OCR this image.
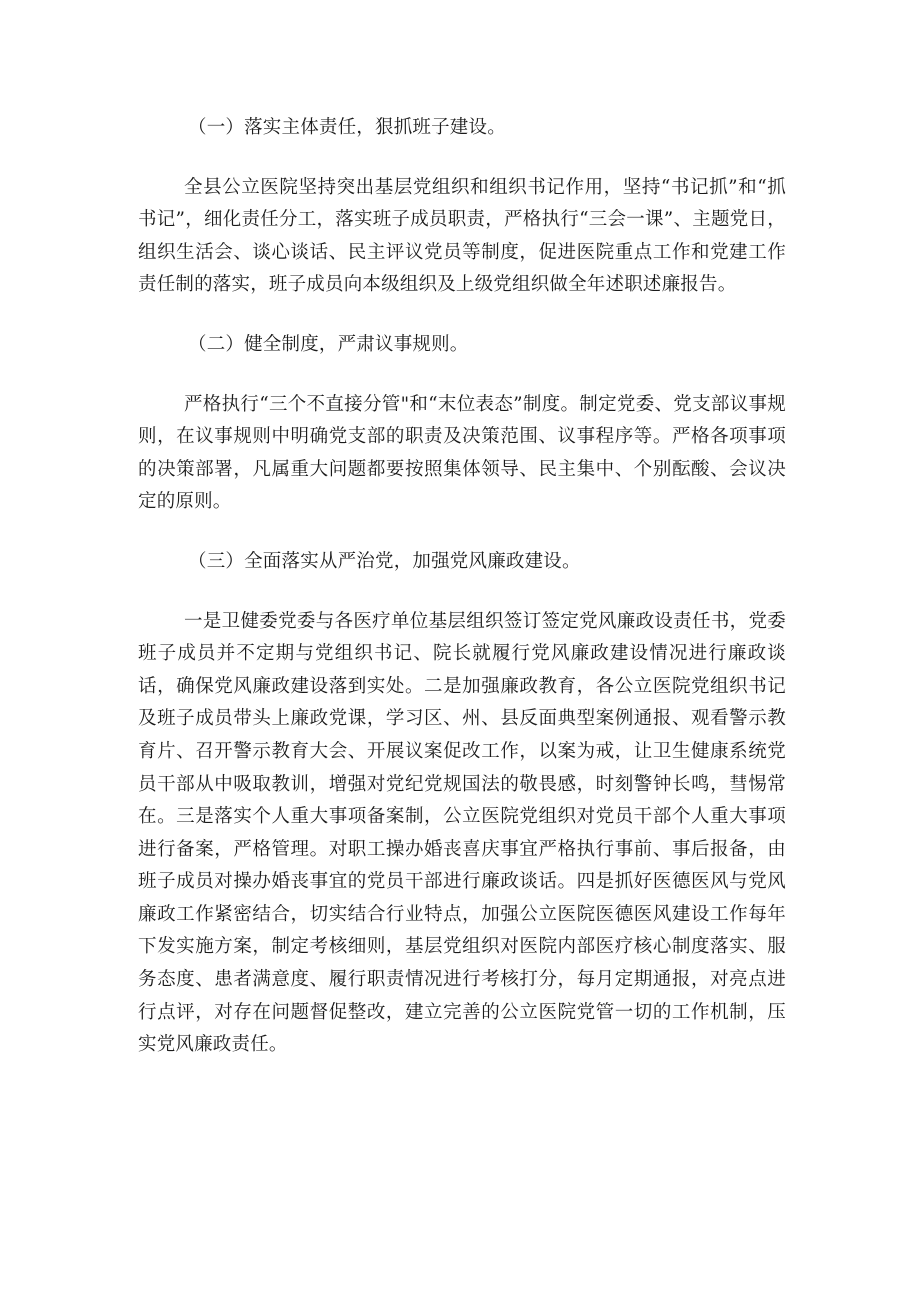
（一）落实主体责任，狠抓班子建设。

全县公立医院坚持突出基层党组织和组织书记作用，坚持“书记抓”和“抓书记”，细化责任分工，落实班子成员职责，严格执行“三会一课”、主题党日，组织生活会、谈心谈话、民主评议党员等制度，促进医院重点工作和党建工作责任制的落实，班子成员向本级组织及上级党组织做全年述职述廉报告。

（二）健全制度，严肃议事规则。

严格执行“三个不直接分管"和“末位表态”制度。制定党委、党支部议事规则，在议事规则中明确党支部的职责及决策范围、议事程序等。严格各项事项的决策部署，凡属重大问题都要按照集体领导、民主集中、个别酝酸、会议决定的原则。

（三）全面落实从严治党，加强党风廉政建设。

一是卫健委党委与各医疗单位基层组织签订签定党风廉政设责任书，党委班子成员并不定期与党组织书记、院长就履行党风廉政建设情况进行廉政谈话，确保党风廉政建设落到实处。二是加强廉政教育，各公立医院党组织书记及班子成员带头上廉政党课，学习区、州、县反面典型案例通报、观看警示教育片、召开警示教育大会、开展议案促改工作，以案为戒，让卫生健康系统党员干部从中吸取教训，增强对党纪党规国法的敬畏感，时刻警钟长鸣，彗惕常在。三是落实个人重大事项备案制，公立医院党组织对党员干部个人重大事项进行备案，严格管理。对职工操办婚丧喜庆事宜严格执行事前、事后报备，由班子成员对操办婚丧事宜的党员干部进行廉政谈话。四是抓好医德医风与党风廉政工作紧密结合，切实结合行业特点，加强公立医院医德医风建设工作每年下发实施方案，制定考核细则，基层党组织对医院内部医疗核心制度落实、服务态度、患者满意度、履行职责情况进行考核打分，每月定期通报，对亮点进行点评，对存在问题督促整改，建立完善的公立医院党管一切的工作机制，压实党风廉政责任。
